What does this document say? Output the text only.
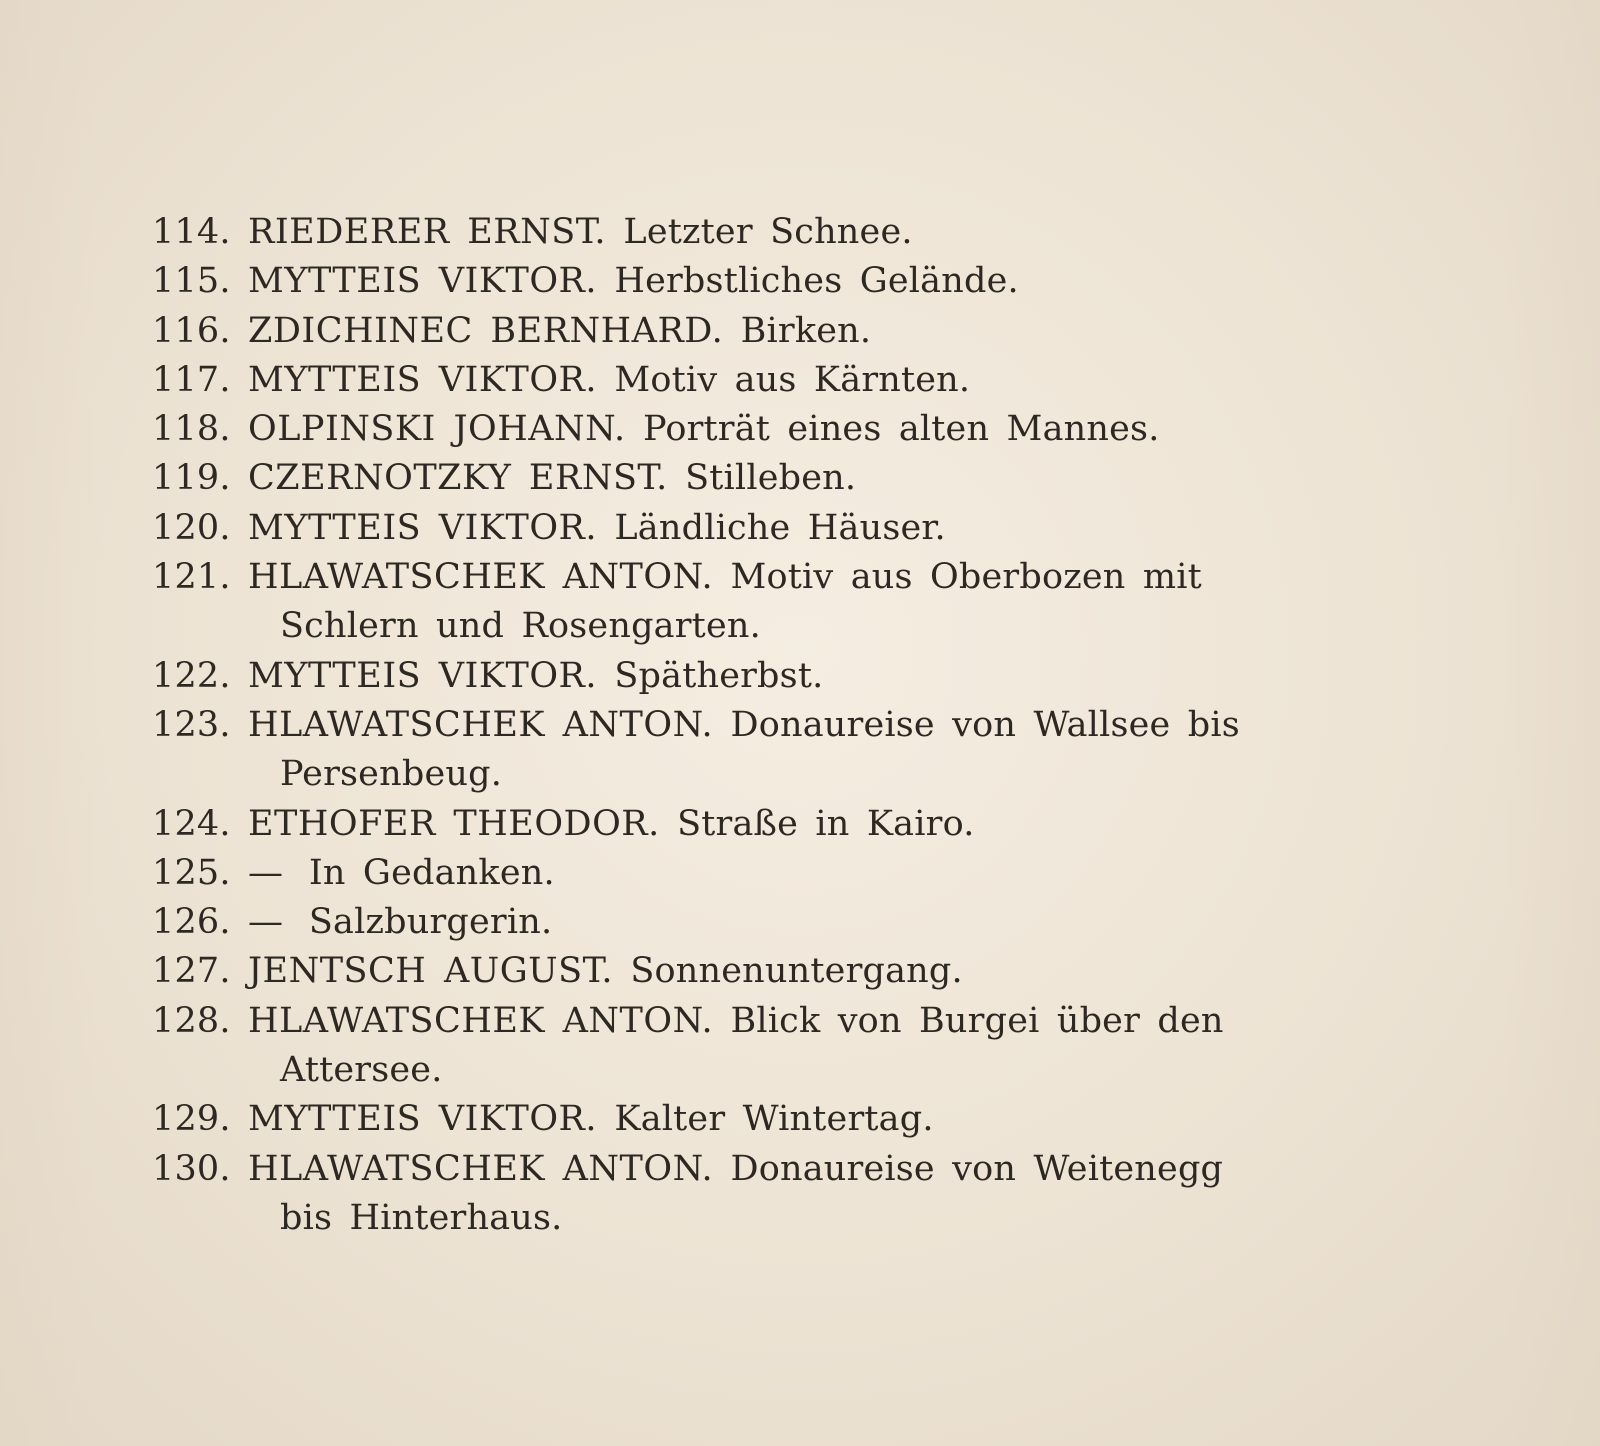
114. RIEDERER ERNST. Letzter Schnee.
115. MYTTEIS VIKTOR. Herbstliches Gelände.
116. ZDICHINEC BERNHARD. Birken.
117. MYTTEIS VIKTOR. Motiv aus Kärnten.
118. OLPINSKI JOHANN. Porträt eines alten Mannes.
119. CZERNOTZKY ERNST. Stilleben.
120. MYTTEIS VIKTOR. Ländliche Häuser.
121. HLAWATSCHEK ANTON. Motiv aus Oberbozen mit
Schlern und Rosengarten.
122. MYTTEIS VIKTOR. Spätherbst.
123. HLAWATSCHEK ANTON. Donaureise von Wallsee bis
Persenbeug.
124. ETHOFER THEODOR. Straße in Kairo.
125. — In Gedanken.
126. — Salzburgerin.
127. JENTSCH AUGUST. Sonnenuntergang.
128. HLAWATSCHEK ANTON. Blick von Burgei über den
Attersee.
129. MYTTEIS VIKTOR. Kalter Wintertag.
130. HLAWATSCHEK ANTON. Donaureise von Weitenegg
bis Hinterhaus.
